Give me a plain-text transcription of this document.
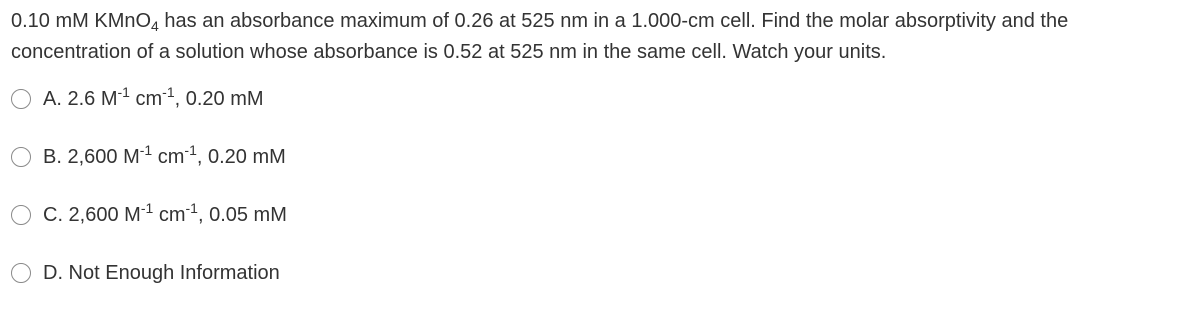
0.10 mM KMnO$_4$ has an absorbance maximum of 0.26 at 525 nm in a 1.000-cm cell. Find the molar absorptivity and the concentration of a solution whose absorbance is 0.52 at 525 nm in the same cell. Watch your units.
A. 2.6 $M^{-1}$ $cm^{-1}$, 0.20 mM
B. 2,600 $M^{-1}$ $cm^{-1}$, 0.20 mM
C. 2,600 $M^{-1}$ $cm^{-1}$, 0.05 mM
D. Not Enough Information
